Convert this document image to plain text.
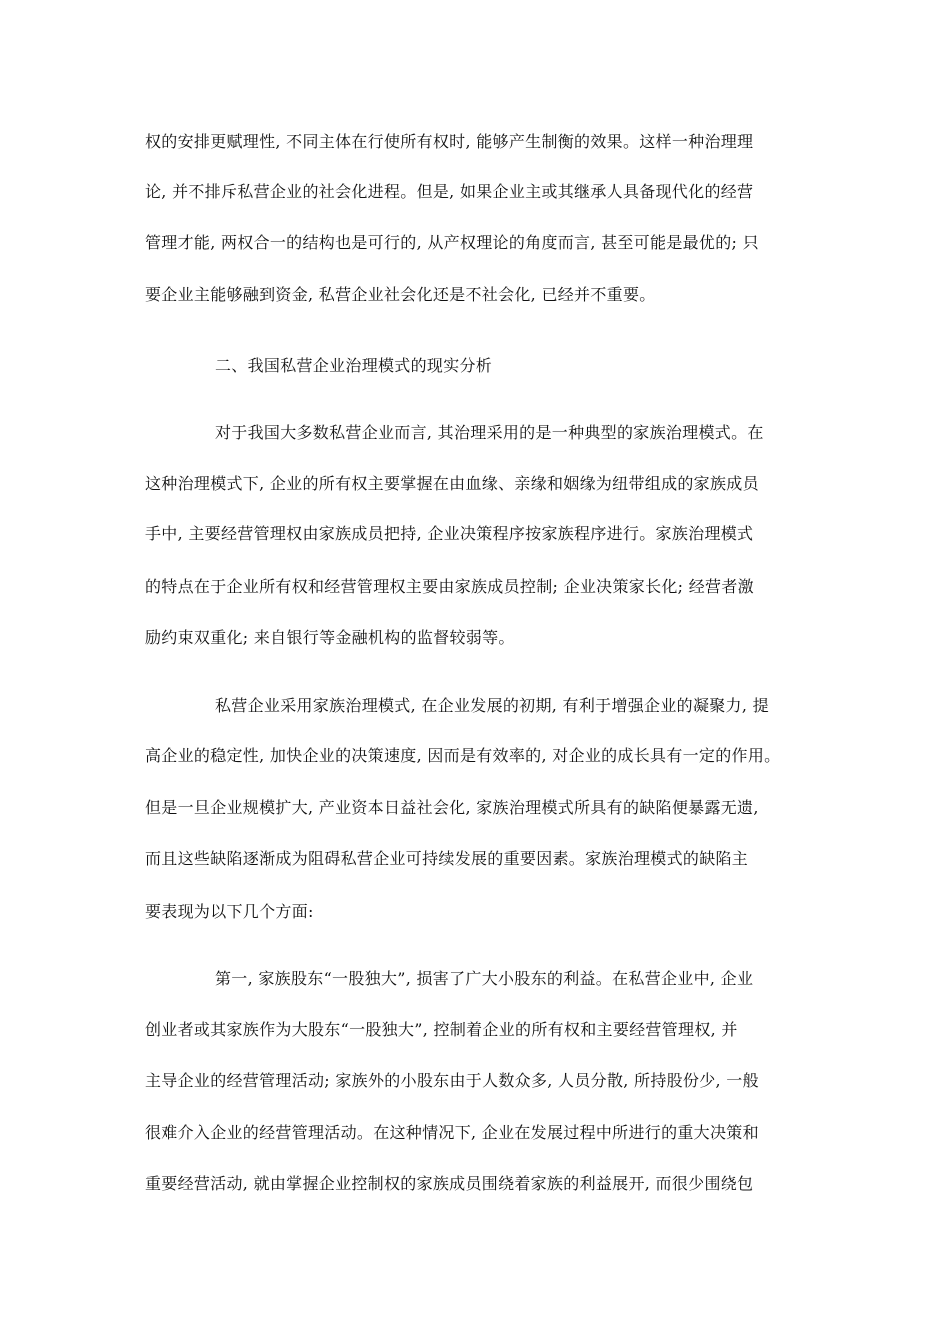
权的安排更赋理性, 不同主体在行使所有权时, 能够产生制衡的效果。这样一种治理理
论, 并不排斥私营企业的社会化进程。但是, 如果企业主或其继承人具备现代化的经营
管理才能, 两权合一的结构也是可行的, 从产权理论的角度而言, 甚至可能是最优的; 只
要企业主能够融到资金, 私营企业社会化还是不社会化, 已经并不重要。
二、我国私营企业治理模式的现实分析
对于我国大多数私营企业而言, 其治理采用的是一种典型的家族治理模式。在
这种治理模式下, 企业的所有权主要掌握在由血缘、亲缘和姻缘为纽带组成的家族成员
手中, 主要经营管理权由家族成员把持, 企业决策程序按家族程序进行。家族治理模式
的特点在于企业所有权和经营管理权主要由家族成员控制; 企业决策家长化; 经营者激
励约束双重化; 来自银行等金融机构的监督较弱等。
私营企业采用家族治理模式, 在企业发展的初期, 有利于增强企业的凝聚力, 提
高企业的稳定性, 加快企业的决策速度, 因而是有效率的, 对企业的成长具有一定的作用。
但是一旦企业规模扩大, 产业资本日益社会化, 家族治理模式所具有的缺陷便暴露无遗,
而且这些缺陷逐渐成为阻碍私营企业可持续发展的重要因素。家族治理模式的缺陷主
要表现为以下几个方面:
第一, 家族股东“一股独大”, 损害了广大小股东的利益。在私营企业中, 企业
创业者或其家族作为大股东“一股独大”, 控制着企业的所有权和主要经营管理权, 并
主导企业的经营管理活动; 家族外的小股东由于人数众多, 人员分散, 所持股份少, 一般
很难介入企业的经营管理活动。在这种情况下, 企业在发展过程中所进行的重大决策和
重要经营活动, 就由掌握企业控制权的家族成员围绕着家族的利益展开, 而很少围绕包
